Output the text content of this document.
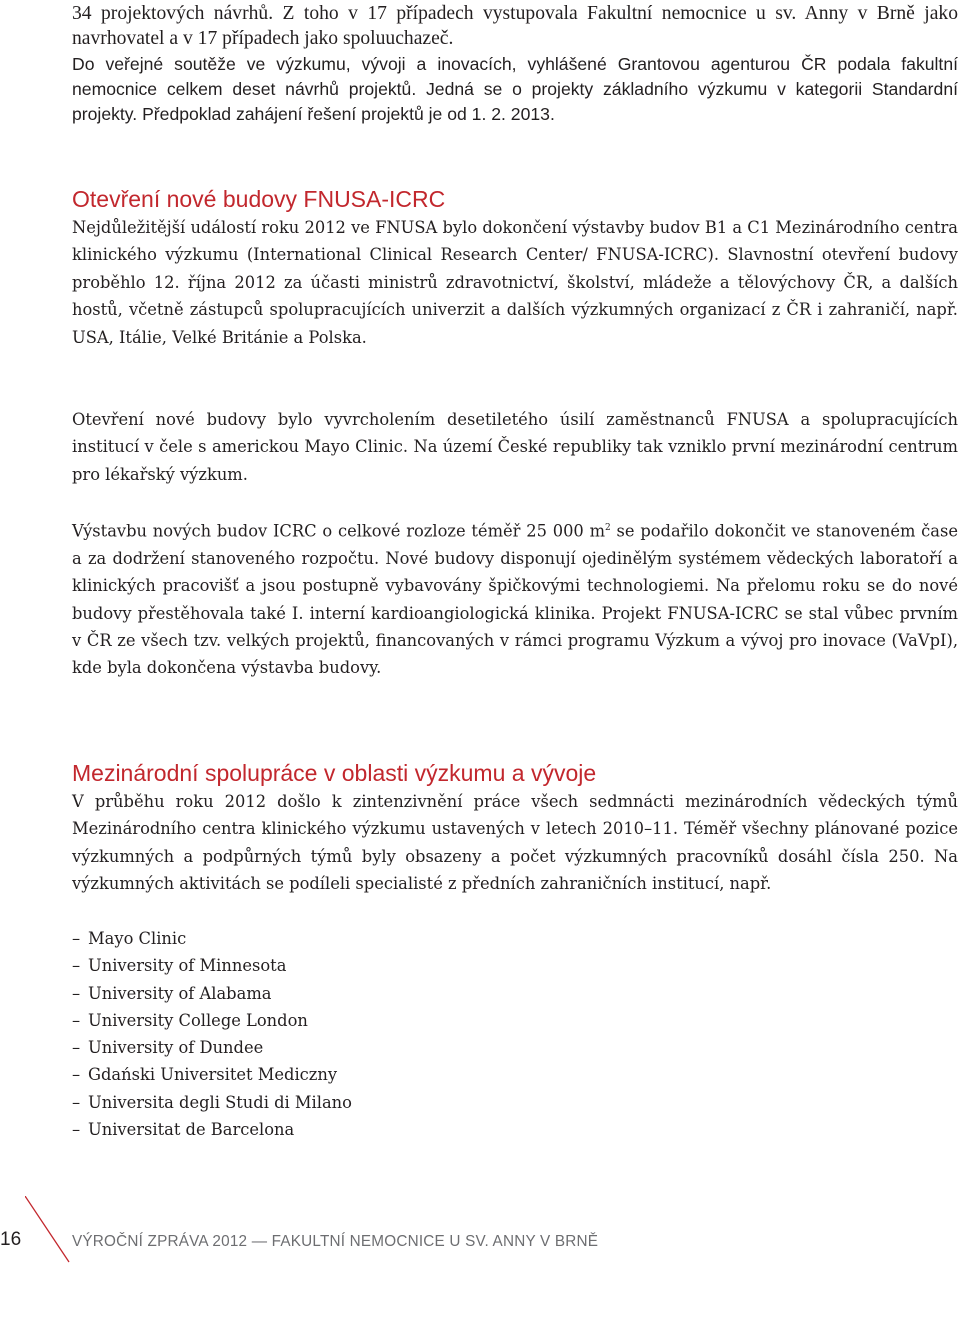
34 projektových návrhů. Z toho v 17 případech vystupovala Fakultní nemocnice u sv. Anny v Brně jako navrhovatel a v 17 případech jako spoluuchazeč.
Do veřejné soutěže ve výzkumu, vývoji a inovacích, vyhlášené Grantovou agenturou ČR podala fakultní nemocnice celkem deset návrhů projektů. Jedná se o projekty základního výzkumu v kategorii Standardní projekty. Předpoklad zahájení řešení projektů je od 1. 2. 2013.
Otevření nové budovy FNUSA-ICRC

Nejdůležitější událostí roku 2012 ve FNUSA bylo dokončení výstavby budov B1 a C1 Mezinárodního centra klinického výzkumu (International Clinical Research Center/ FNUSA-ICRC). Slavnostní otevření budovy proběhlo 12. října 2012 za účasti ministrů zdravotnictví, školství, mládeže a tělovýchovy ČR, a dalších hostů, včetně zástupců spolupracujících univerzit a dalších výzkumných organizací z ČR i zahraničí, např. USA, Itálie, Velké Británie a Polska.

Otevření nové budovy bylo vyvrcholením desetiletého úsilí zaměstnanců FNUSA a spolupracujících institucí v čele s americkou Mayo Clinic. Na území České republiky tak vzniklo první mezinárodní centrum pro lékařský výzkum.

Výstavbu nových budov ICRC o celkové rozloze téměř 25 000 $m^2$ se podařilo dokončit ve stanoveném čase a za dodržení stanoveného rozpočtu. Nové budovy disponují ojedinělým systémem vědeckých laboratoří a klinických pracovišť a jsou postupně vybavovány špičkovými technologiemi. Na přelomu roku se do nové budovy přestěhovala také I. interní kardioangiologická klinika. Projekt FNUSA-ICRC se stal vůbec prvním v ČR ze všech tzv. velkých projektů, financovaných v rámci programu Výzkum a vývoj pro inovace (VaVpI), kde byla dokončena výstavba budovy.

Mezinárodní spolupráce v oblasti výzkumu a vývoje

V průběhu roku 2012 došlo k zintenzivnění práce všech sedmnácti mezinárodních vědeckých týmů Mezinárodního centra klinického výzkumu ustavených v letech 2010–11. Téměř všechny plánované pozice výzkumných a podpůrných týmů byly obsazeny a počet výzkumných pracovníků dosáhl čísla 250. Na výzkumných aktivitách se podíleli specialisté z předních zahraničních institucí, např.

– Mayo Clinic
– University of Minnesota
– University of Alabama
– University College London
– University of Dundee
– Gdański Universitet Mediczny
– Universita degli Studi di Milano
– Universitat de Barcelona
16	VÝROČNÍ ZPRÁVA 2012 — FAKULTNÍ NEMOCNICE U SV. ANNY V BRNĚ
